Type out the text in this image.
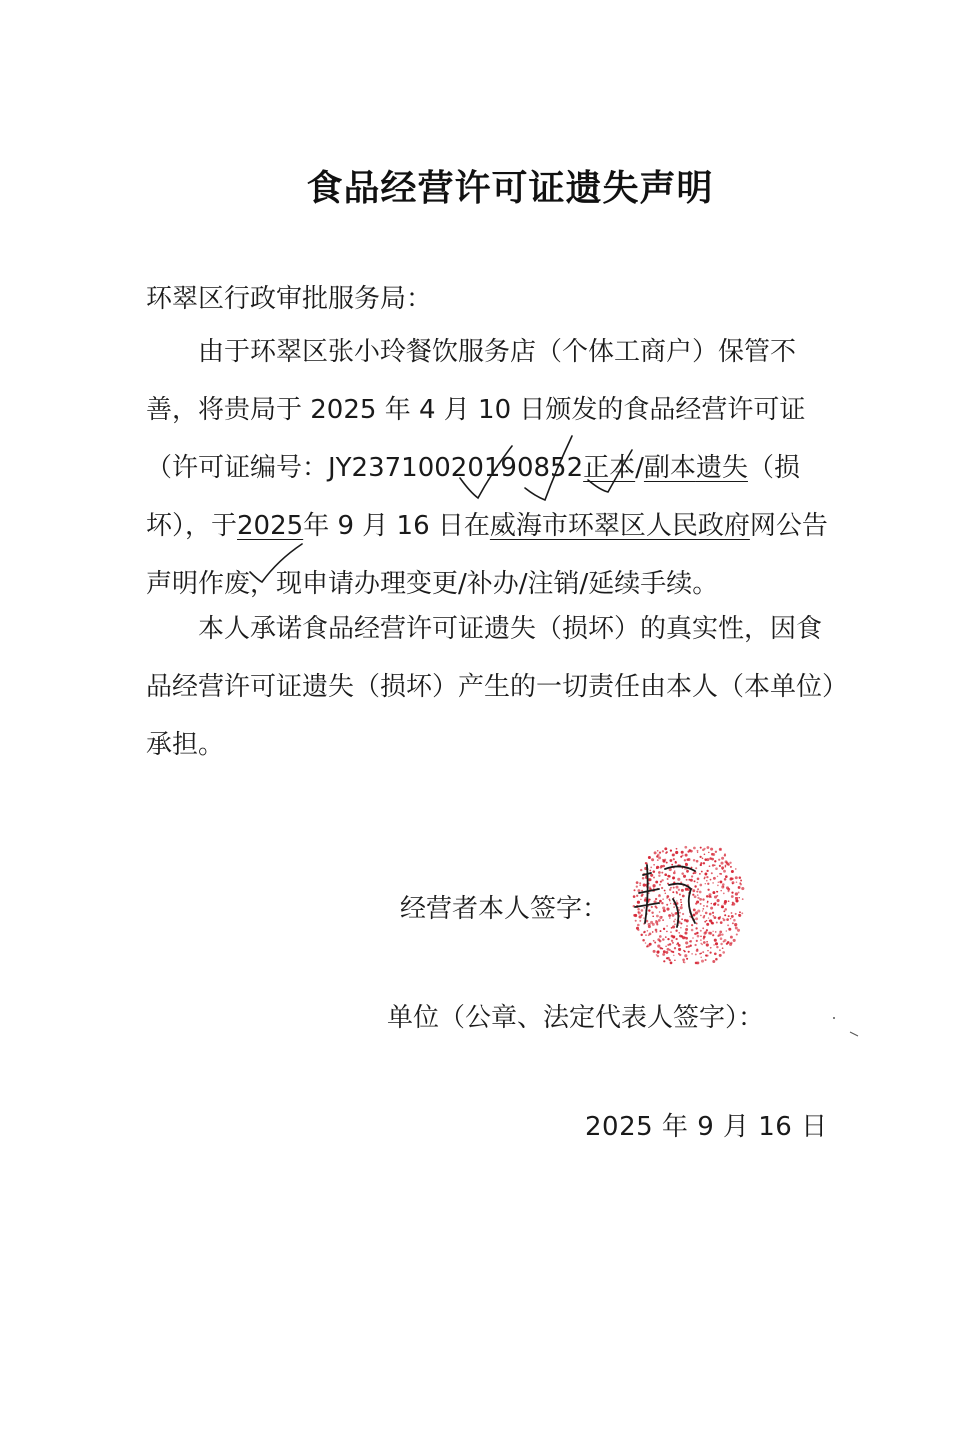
食品经营许可证遗失声明
环翠区行政审批服务局：

由于环翠区张小玲餐饮服务店（个体工商户）保管不善，将贵局于 2025 年 4 月 10 日颁发的食品经营许可证（许可证编号：JY23710020190852正本/副本遗失（损坏），于2025年 9 月 16 日在威海市环翠区人民政府网公告声明作废，现申请办理变更/补办/注销/延续手续。

本人承诺食品经营许可证遗失（损坏）的真实性，因食品经营许可证遗失（损坏）产生的一切责任由本人（本单位）承担。

经营者本人签字：
单位（公章、法定代表人签字）：
2025 年 9 月 16 日
